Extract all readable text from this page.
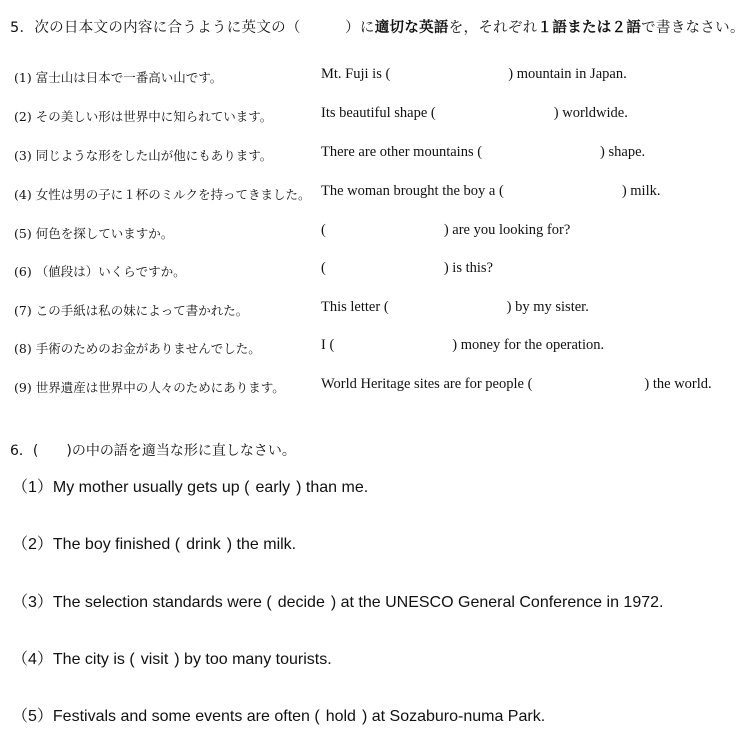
5．次の日本文の内容に合うように英文の（　　　）に適切な英語を，それぞれ１語または２語で書きなさい。
(1) 富士山は日本で一番高い山です。	Mt. Fuji is (	) mountain in Japan.
(2) その美しい形は世界中に知られています。	Its beautiful shape (	) worldwide.
(3) 同じような形をした山が他にもあります。	There are other mountains (	) shape.
(4) 女性は男の子に１杯のミルクを持ってきました。 The woman brought the boy a (	) milk.
(5) 何色を探していますか。	(	) are you looking for?
(6) （値段は）いくらですか。	(	) is this?
(7) この手紙は私の妹によって書かれた。	This letter (	) by my sister.
(8) 手術のためのお金がありませんでした。	I (	) money for the operation.
(9) 世界遺産は世界中の人々のためにあります。	World Heritage sites are for people (	) the world.
6．(　　)の中の語を適当な形に直しなさい。
（1）My mother usually gets up ( early ) than me.
（2）The boy finished ( drink ) the milk.
（3）The selection standards were ( decide ) at the UNESCO General Conference in 1972.
（4）The city is ( visit ) by too many tourists.
（5）Festivals and some events are often ( hold ) at Sozaburo-numa Park.
